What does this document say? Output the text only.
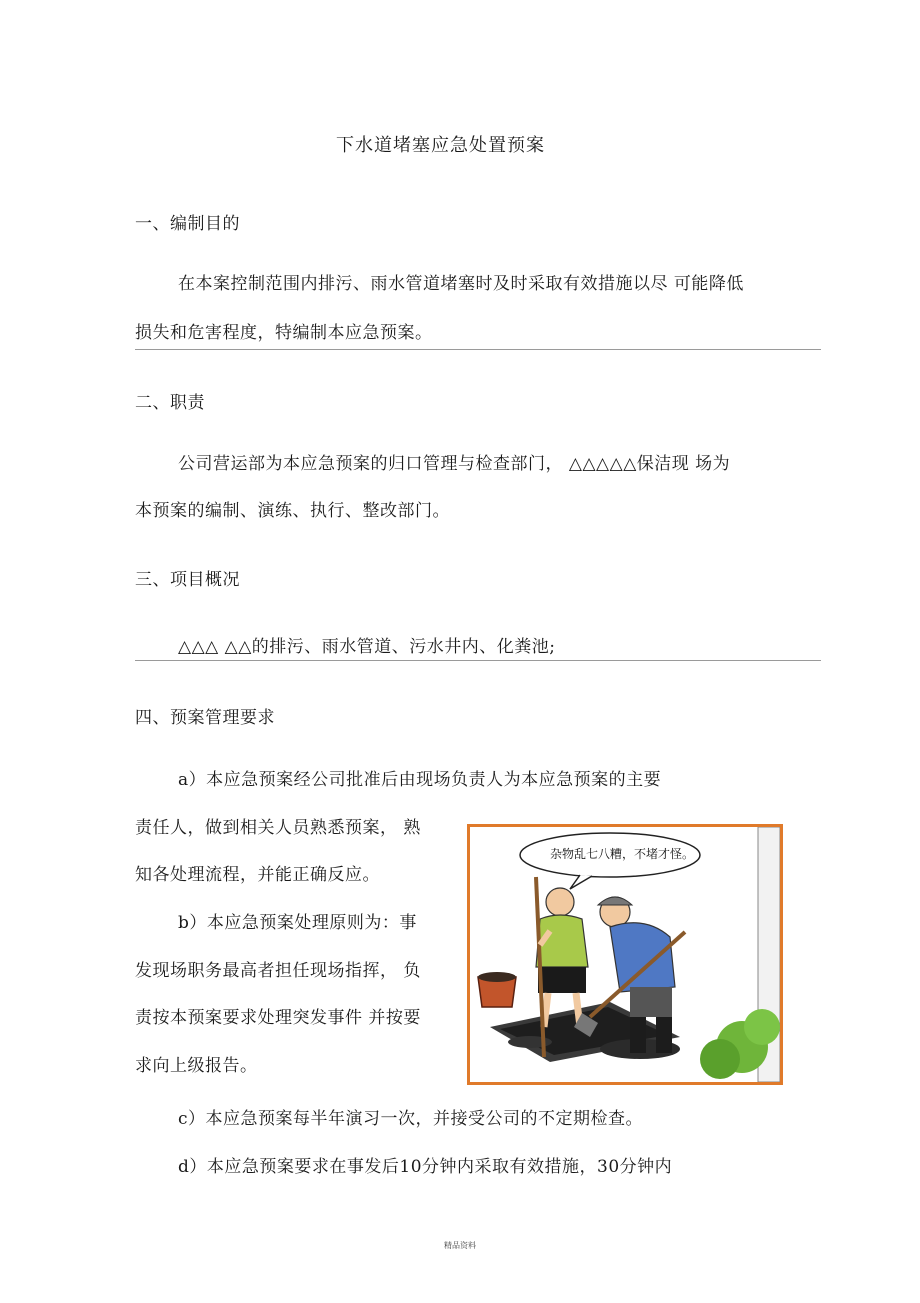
下水道堵塞应急处置预案
一、编制目的
在本案控制范围内排污、雨水管道堵塞时及时采取有效措施以尽 可能降低
损失和危害程度，特编制本应急预案。
二、职责
公司营运部为本应急预案的归口管理与检查部门， △△△△△保洁现 场为
本预案的编制、演练、执行、整改部门。
三、项目概况
△△△ △△的排污、雨水管道、污水井内、化粪池;
四、预案管理要求
a）本应急预案经公司批准后由现场负责人为本应急预案的主要
责任人，做到相关人员熟悉预案， 熟
知各处理流程，并能正确反应。
b）本应急预案处理原则为：事
发现场职务最高者担任现场指挥， 负
责按本预案要求处理突发事件 并按要
求向上级报告。
c）本应急预案每半年演习一次，并接受公司的不定期检查。
d）本应急预案要求在事发后10分钟内采取有效措施，30分钟内
杂物乱七八糟，不堵才怪。
精品资料
